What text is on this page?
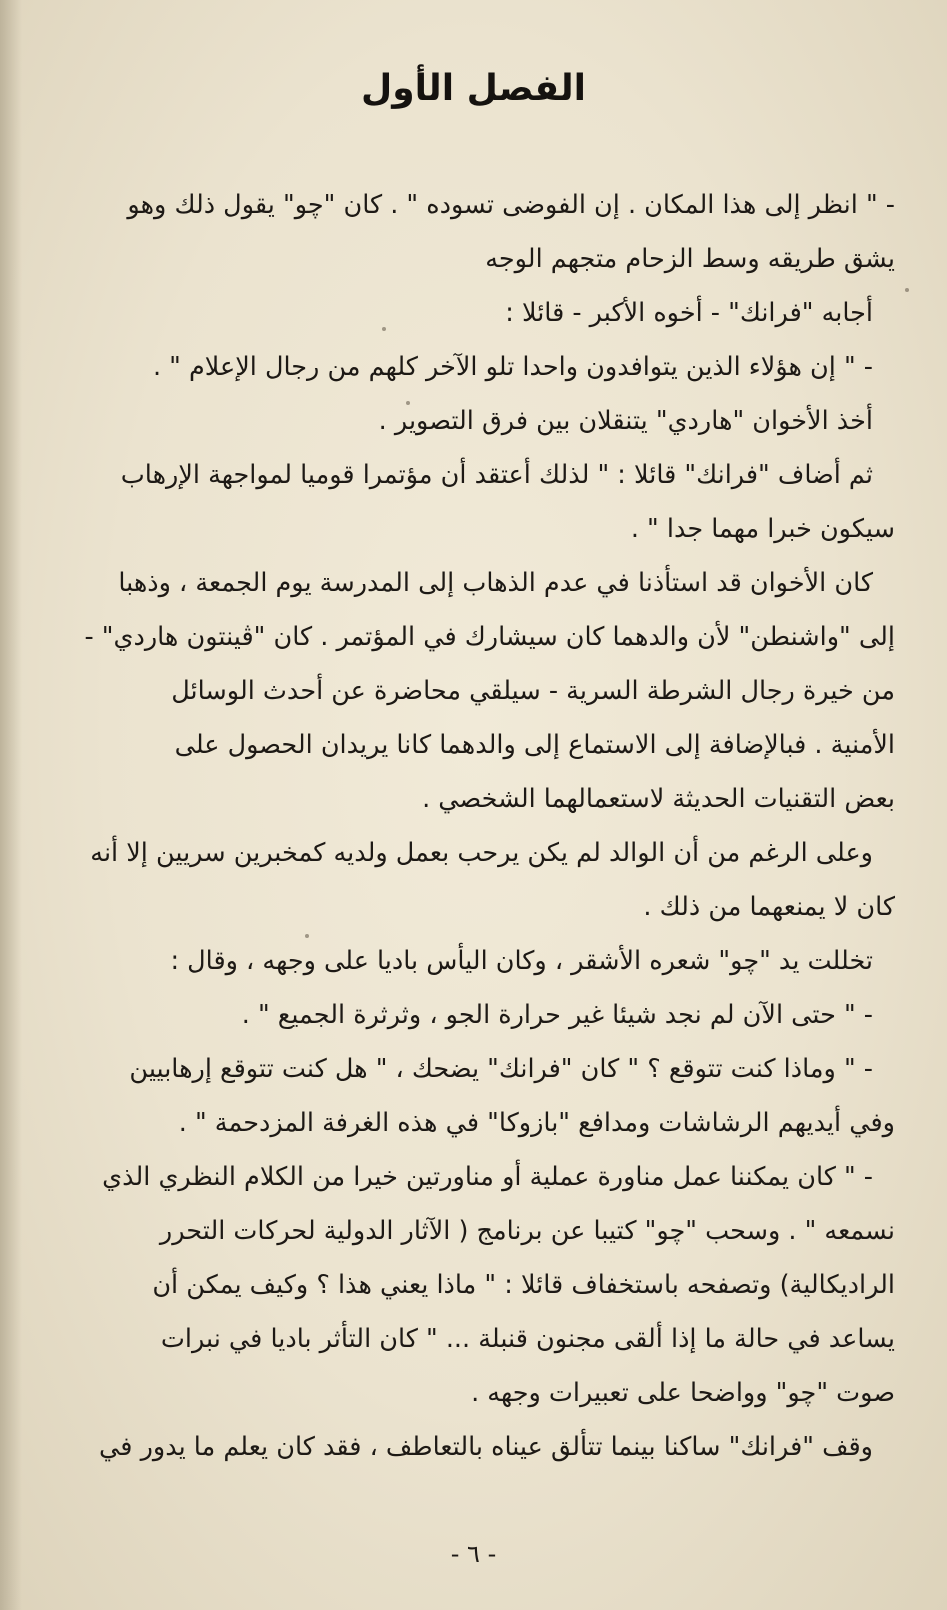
الفصل الأول
- " انظر إلى هذا المكان . إن الفوضى تسوده " . كان "چو" يقول ذلك وهو
يشق طريقه وسط الزحام متجهم الوجه
أجابه "فرانك" - أخوه الأكبر - قائلا :
- " إن هؤلاء الذين يتوافدون واحدا تلو الآخر كلهم من رجال الإعلام " .
أخذ الأخوان "هاردي" يتنقلان بين فرق التصوير .
ثم أضاف "فرانك" قائلا : " لذلك أعتقد أن مؤتمرا قوميا لمواجهة الإرهاب
سيكون خبرا مهما جدا " .
كان الأخوان قد استأذنا في عدم الذهاب إلى المدرسة يوم الجمعة ، وذهبا
إلى "واشنطن" لأن والدهما كان سيشارك في المؤتمر . كان "ڤينتون هاردي" -
من خيرة رجال الشرطة السرية - سيلقي محاضرة عن أحدث الوسائل
الأمنية . فبالإضافة إلى الاستماع إلى والدهما كانا يريدان الحصول على
بعض التقنيات الحديثة لاستعمالهما الشخصي .
وعلى الرغم من أن الوالد لم يكن يرحب بعمل ولديه كمخبرين سريين إلا أنه
كان لا يمنعهما من ذلك .
تخللت يد "چو" شعره الأشقر ، وكان اليأس باديا على وجهه ، وقال :
- " حتى الآن لم نجد شيئا غير حرارة الجو ، وثرثرة الجميع " .
- " وماذا كنت تتوقع ؟ " كان "فرانك" يضحك ، " هل كنت تتوقع إرهابيين
وفي أيديهم الرشاشات ومدافع "بازوكا" في هذه الغرفة المزدحمة " .
- " كان يمكننا عمل مناورة عملية أو مناورتين خيرا من الكلام النظري الذي
نسمعه " . وسحب "چو" كتيبا عن برنامج ( الآثار الدولية لحركات التحرر
الراديكالية) وتصفحه باستخفاف قائلا : " ماذا يعني هذا ؟ وكيف يمكن أن
يساعد في حالة ما إذا ألقى مجنون قنبلة ... " كان التأثر باديا في نبرات
صوت "چو" وواضحا على تعبيرات وجهه .
وقف "فرانك" ساكنا بينما تتألق عيناه بالتعاطف ، فقد كان يعلم ما يدور في
- ٦ -
